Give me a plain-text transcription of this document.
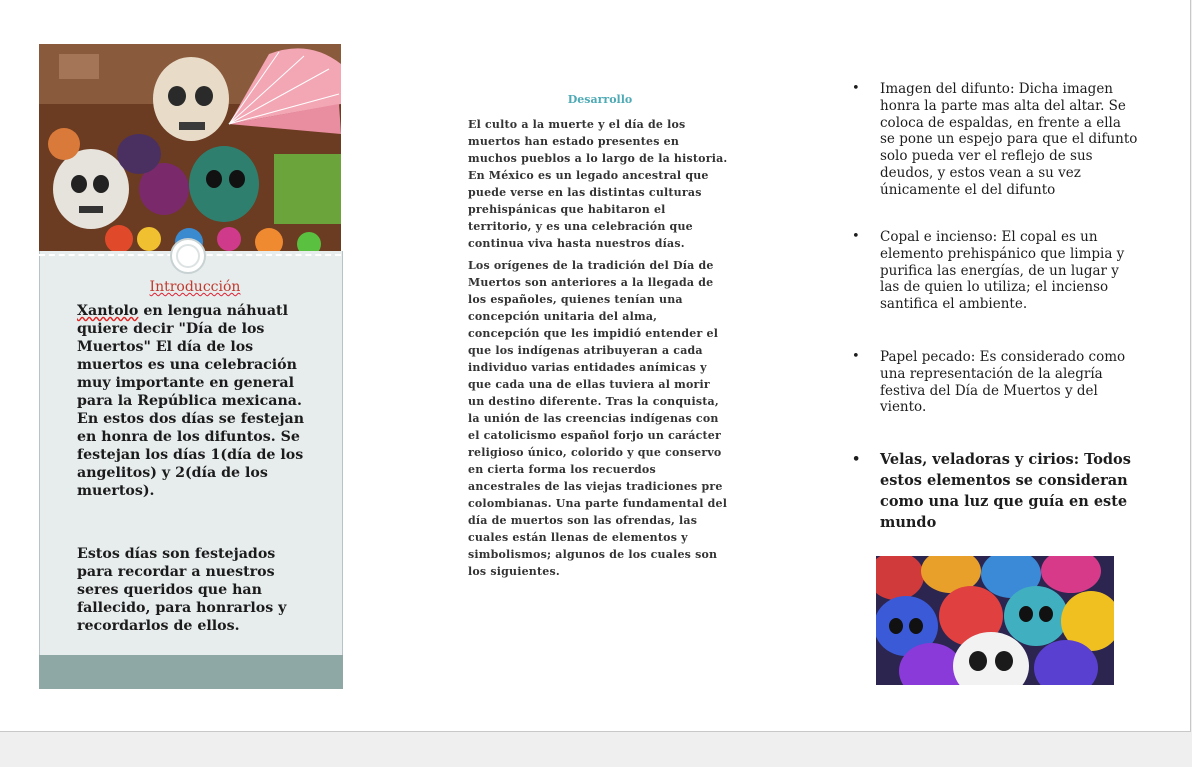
Introducción

Xantolo en lengua náhuatl quiere decir "Día de los Muertos" El día de los muertos es una celebración muy importante en general para la República mexicana. En estos dos días se festejan en honra de los difuntos. Se festejan los días 1(día de los angelitos) y 2(día de los muertos).

Estos días son festejados para recordar a nuestros seres queridos que han fallecido, para honrarlos y recordarlos de ellos.

Desarrollo

El culto a la muerte y el día de los muertos han estado presentes en muchos pueblos a lo largo de la historia. En México es un legado ancestral que puede verse en las distintas culturas prehispánicas que habitaron el territorio, y es una celebración que continua viva hasta nuestros días.

Los orígenes de la tradición del Día de Muertos son anteriores a la llegada de los españoles, quienes tenían una concepción unitaria del alma, concepción que les impidió entender el que los indígenas atribuyeran a cada individuo varias entidades anímicas y que cada una de ellas tuviera al morir un destino diferente. Tras la conquista, la unión de las creencias indígenas con el catolicismo español forjo un carácter religioso único, colorido y que conservo en cierta forma los recuerdos ancestrales de las viejas tradiciones pre colombianas. Una parte fundamental del día de muertos son las ofrendas, las cuales están llenas de elementos y simbolismos; algunos de los cuales son los siguientes.

• Imagen del difunto: Dicha imagen honra la parte mas alta del altar. Se coloca de espaldas, en frente a ella se pone un espejo para que el difunto solo pueda ver el reflejo de sus deudos, y estos vean a su vez únicamente el del difunto
• Copal e incienso: El copal es un elemento prehispánico que limpia y purifica las energías, de un lugar y las de quien lo utiliza; el incienso santifica el ambiente.
• Papel pecado: Es considerado como una representación de la alegría festiva del Día de Muertos y del viento.
• Velas, veladoras y cirios: Todos estos elementos se consideran como una luz que guía en este mundo
